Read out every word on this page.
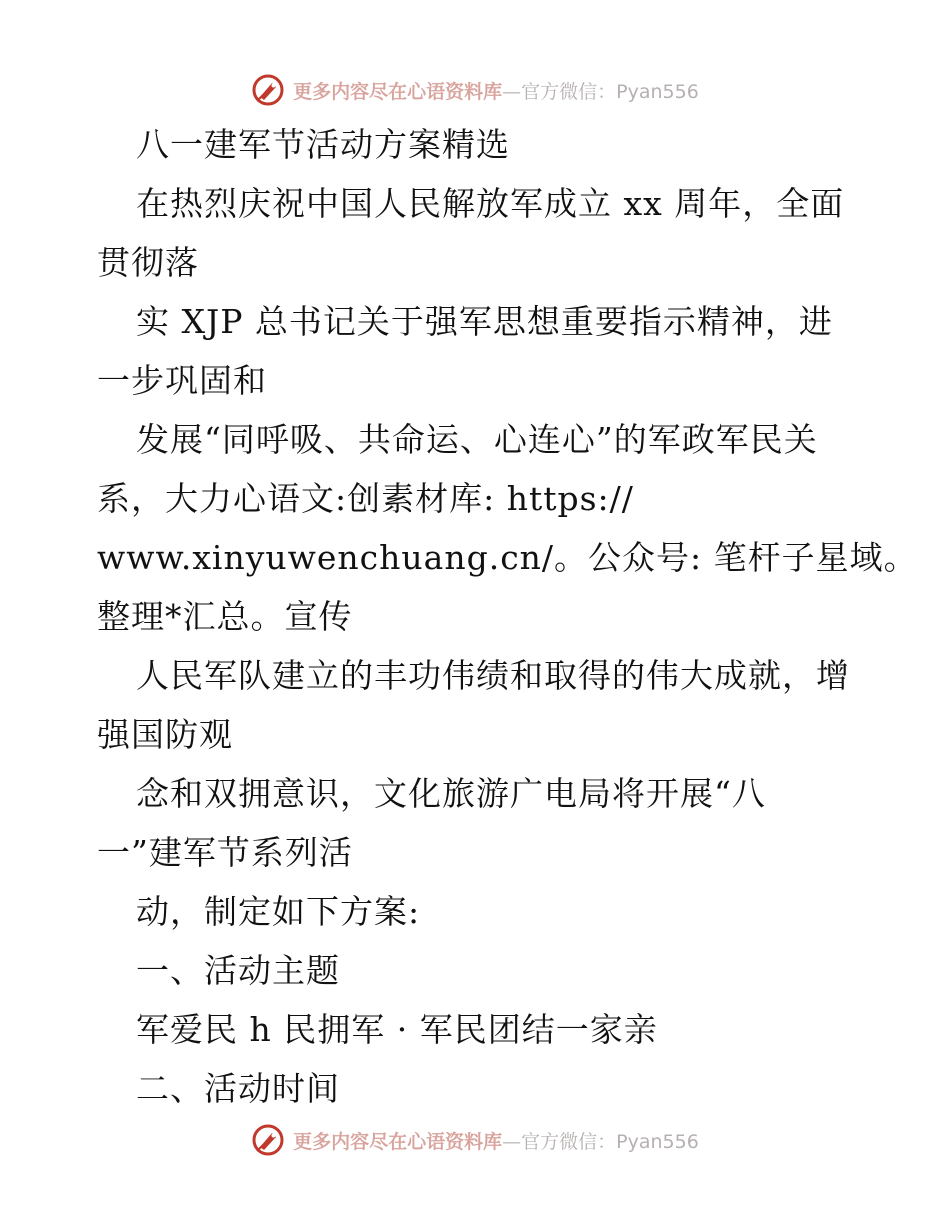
更多内容尽在心语资料库—官方微信：Pyan556
八一建军节活动方案精选
在热烈庆祝中国人民解放军成立 xx 周年，全面
贯彻落
实 XJP 总书记关于强军思想重要指示精神，进
一步巩固和
发展“同呼吸、共命运、心连心”的军政军民关
系，大力心语文:创素材库: https://
www.xinyuwenchuang.cn/。公众号: 笔杆子星域。
整理*汇总。宣传
人民军队建立的丰功伟绩和取得的伟大成就，增
强国防观
念和双拥意识，文化旅游广电局将开展“八
一”建军节系列活
动，制定如下方案:
一、活动主题
军爱民 h 民拥军 · 军民团结一家亲
二、活动时间
更多内容尽在心语资料库—官方微信：Pyan556
